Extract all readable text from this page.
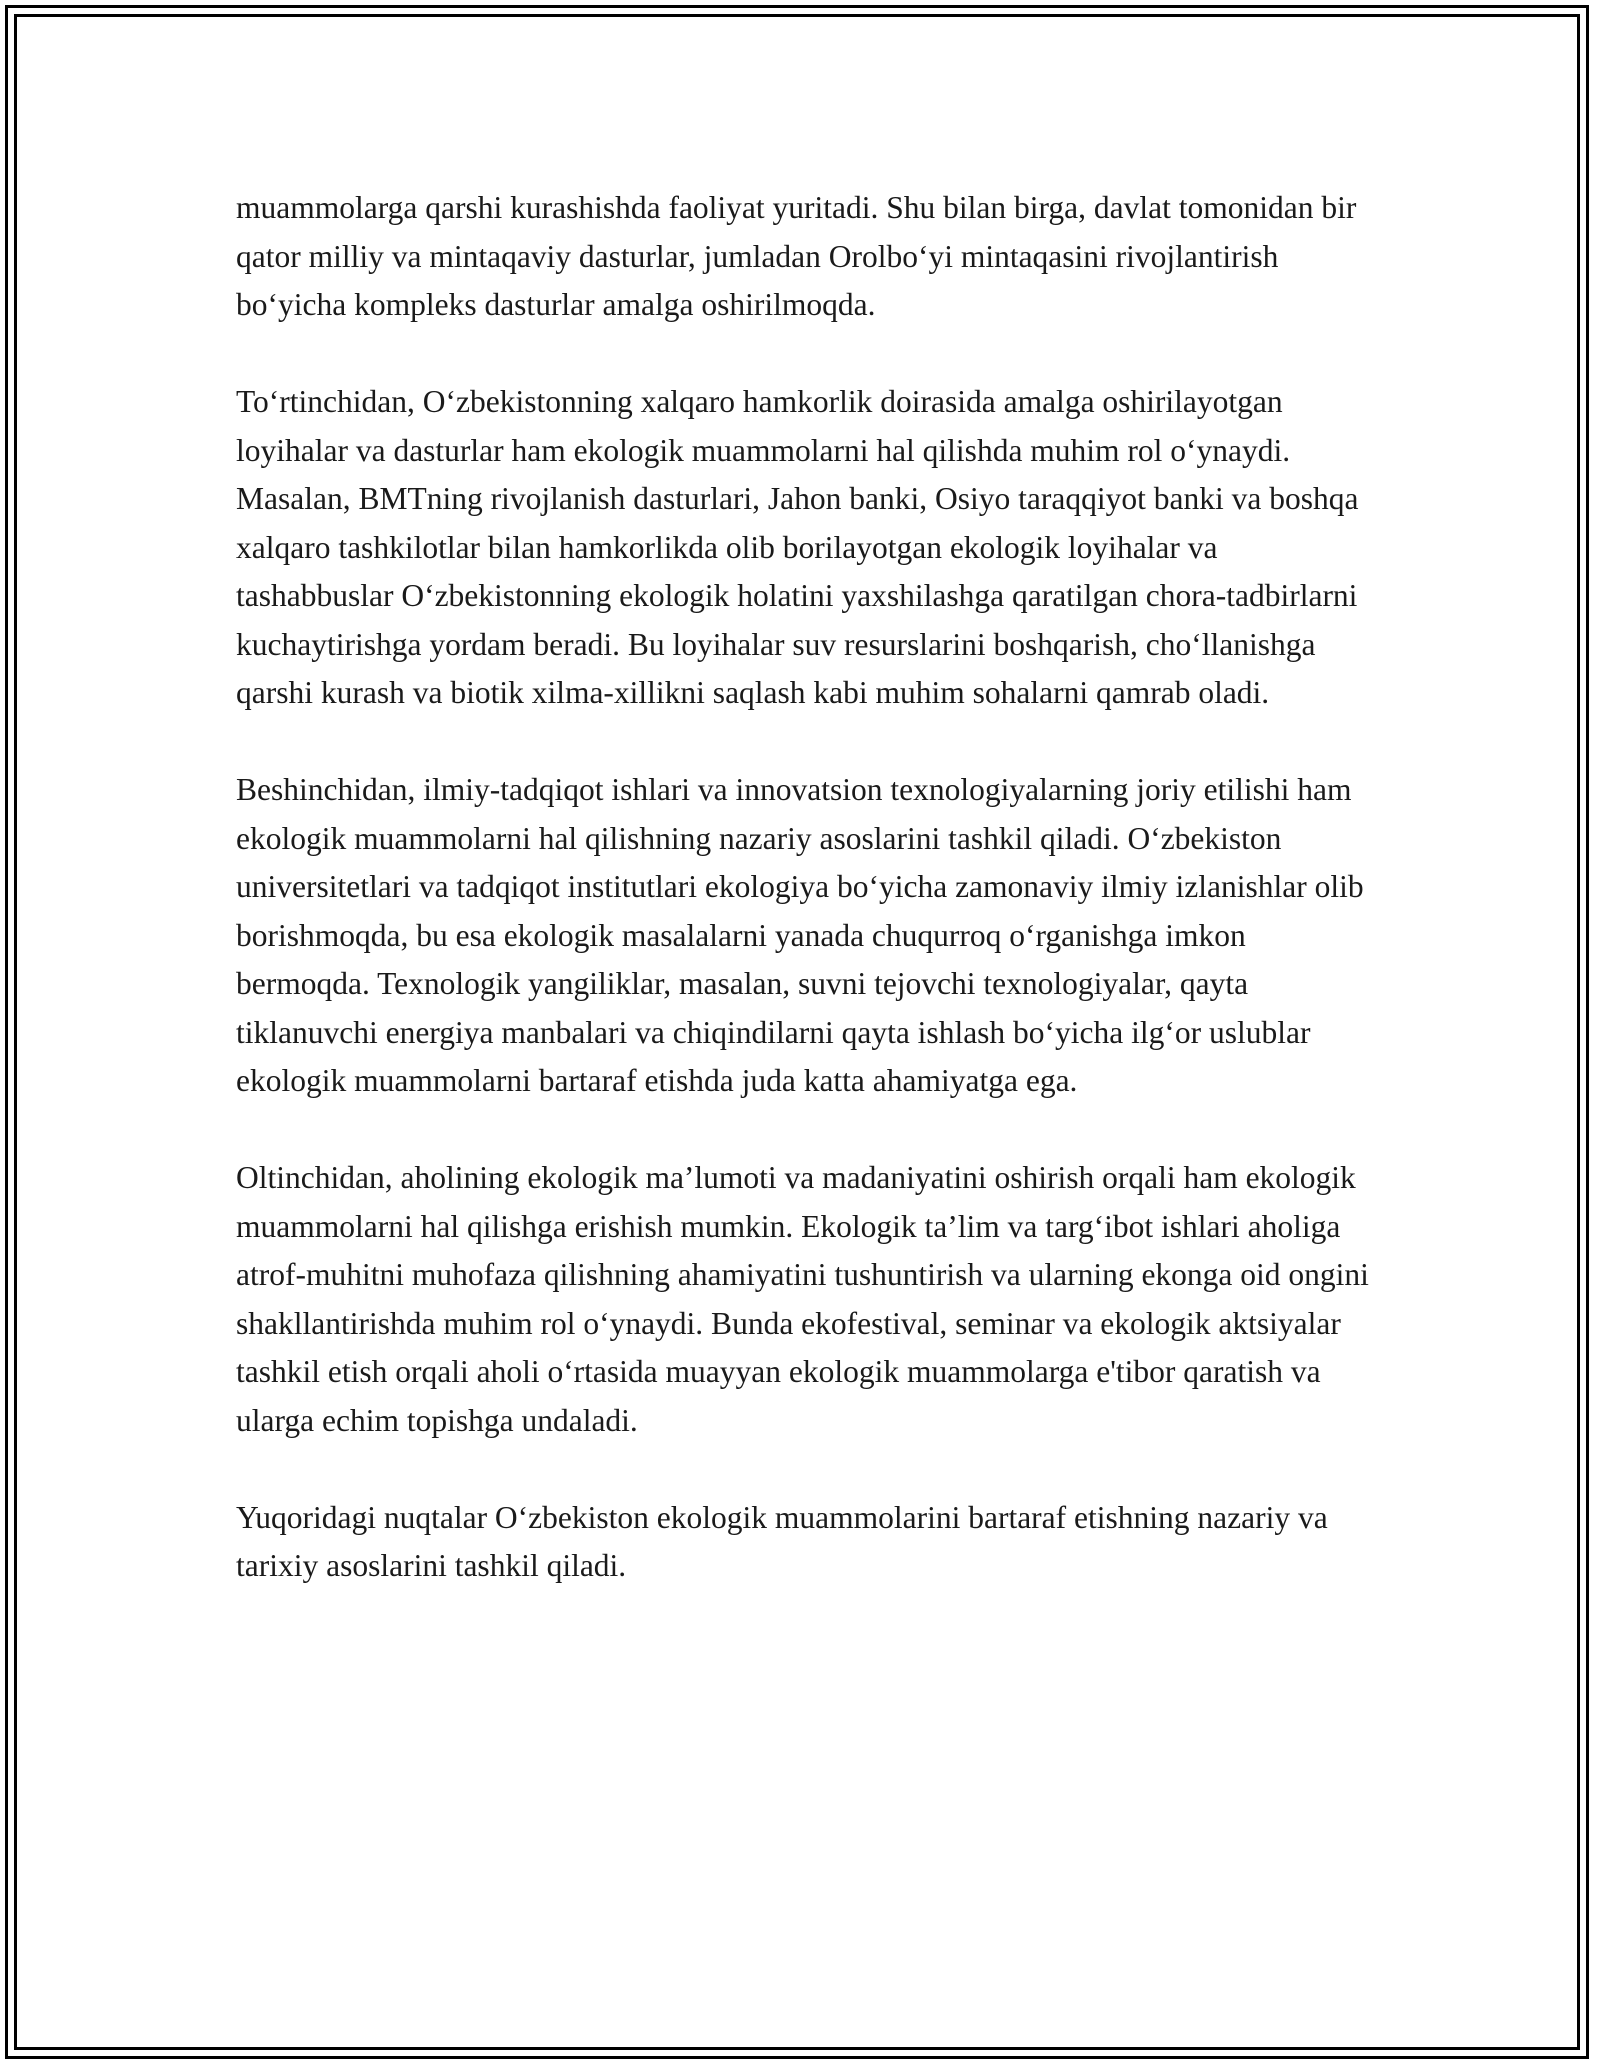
muammolarga qarshi kurashishda faoliyat yuritadi. Shu bilan birga, davlat tomonidan bir qator milliy va mintaqaviy dasturlar, jumladan Orolbo‘yi mintaqasini rivojlantirish bo‘yicha kompleks dasturlar amalga oshirilmoqda.

To‘rtinchidan, O‘zbekistonning xalqaro hamkorlik doirasida amalga oshirilayotgan loyihalar va dasturlar ham ekologik muammolarni hal qilishda muhim rol o‘ynaydi. Masalan, BMTning rivojlanish dasturlari, Jahon banki, Osiyo taraqqiyot banki va boshqa xalqaro tashkilotlar bilan hamkorlikda olib borilayotgan ekologik loyihalar va tashabbuslar O‘zbekistonning ekologik holatini yaxshilashga qaratilgan chora-tadbirlarni kuchaytirishga yordam beradi. Bu loyihalar suv resurslarini boshqarish, cho‘llanishga qarshi kurash va biotik xilma-xillikni saqlash kabi muhim sohalarni qamrab oladi.

Beshinchidan, ilmiy-tadqiqot ishlari va innovatsion texnologiyalarning joriy etilishi ham ekologik muammolarni hal qilishning nazariy asoslarini tashkil qiladi. O‘zbekiston universitetlari va tadqiqot institutlari ekologiya bo‘yicha zamonaviy ilmiy izlanishlar olib borishmoqda, bu esa ekologik masalalarni yanada chuqurroq o‘rganishga imkon bermoqda. Texnologik yangiliklar, masalan, suvni tejovchi texnologiyalar, qayta tiklanuvchi energiya manbalari va chiqindilarni qayta ishlash bo‘yicha ilg‘or uslublar ekologik muammolarni bartaraf etishda juda katta ahamiyatga ega.

Oltinchidan, aholining ekologik ma’lumoti va madaniyatini oshirish orqali ham ekologik muammolarni hal qilishga erishish mumkin. Ekologik ta’lim va targ‘ibot ishlari aholiga atrof-muhitni muhofaza qilishning ahamiyatini tushuntirish va ularning ekonga oid ongini shakllantirishda muhim rol o‘ynaydi. Bunda ekofestival, seminar va ekologik aktsiyalar tashkil etish orqali aholi o‘rtasida muayyan ekologik muammolarga e'tibor qaratish va ularga echim topishga undaladi.

Yuqoridagi nuqtalar O‘zbekiston ekologik muammolarini bartaraf etishning nazariy va tarixiy asoslarini tashkil qiladi.
